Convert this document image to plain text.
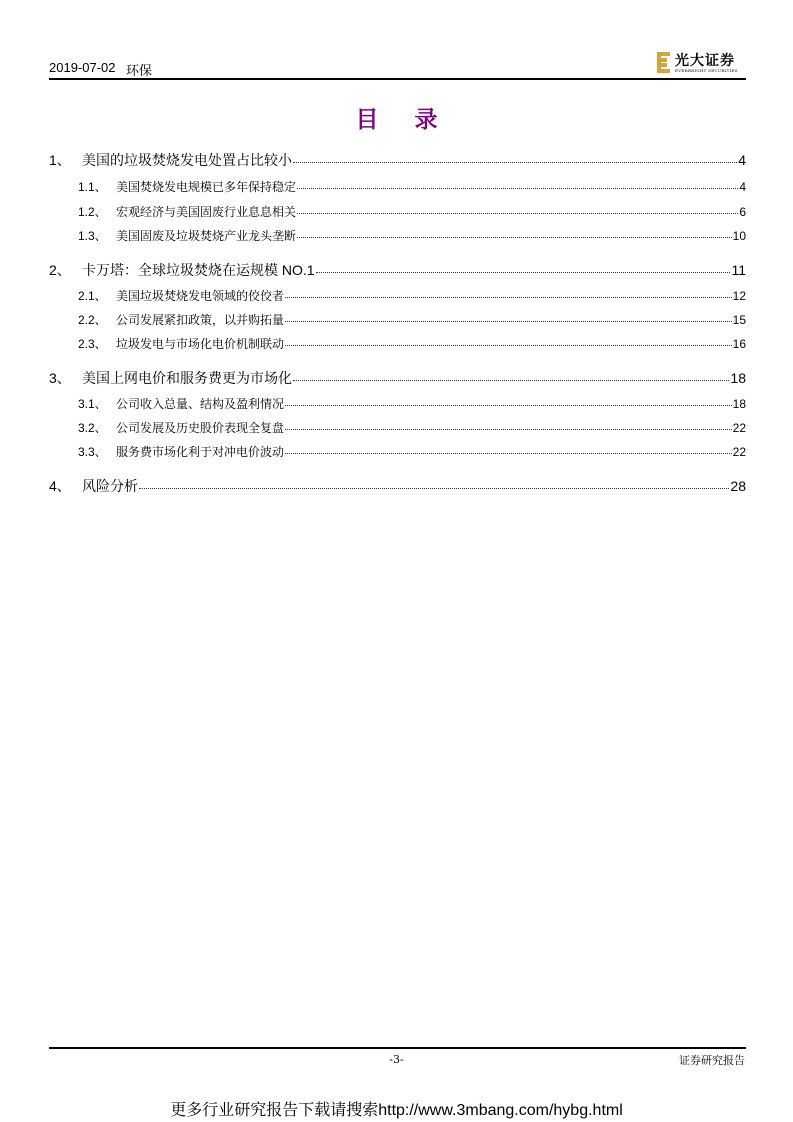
2019-07-02 环保
光大证券
EVERBRIGHT SECURITIES
目 录
1、 美国的垃圾焚烧发电处置占比较小	4
1.1、 美国焚烧发电规模已多年保持稳定	4
1.2、 宏观经济与美国固废行业息息相关	6
1.3、 美国固废及垃圾焚烧产业龙头垄断	10
2、 卡万塔：全球垃圾焚烧在运规模 NO.1	11
2.1、 美国垃圾焚烧发电领域的佼佼者	12
2.2、 公司发展紧扣政策，以并购拓量	15
2.3、 垃圾发电与市场化电价机制联动	16
3、 美国上网电价和服务费更为市场化	18
3.1、 公司收入总量、结构及盈利情况	18
3.2、 公司发展及历史股价表现全复盘	22
3.3、 服务费市场化利于对冲电价波动	22
4、 风险分析	28
-3-	证券研究报告
更多行业研究报告下载请搜索http://www.3mbang.com/hybg.html
